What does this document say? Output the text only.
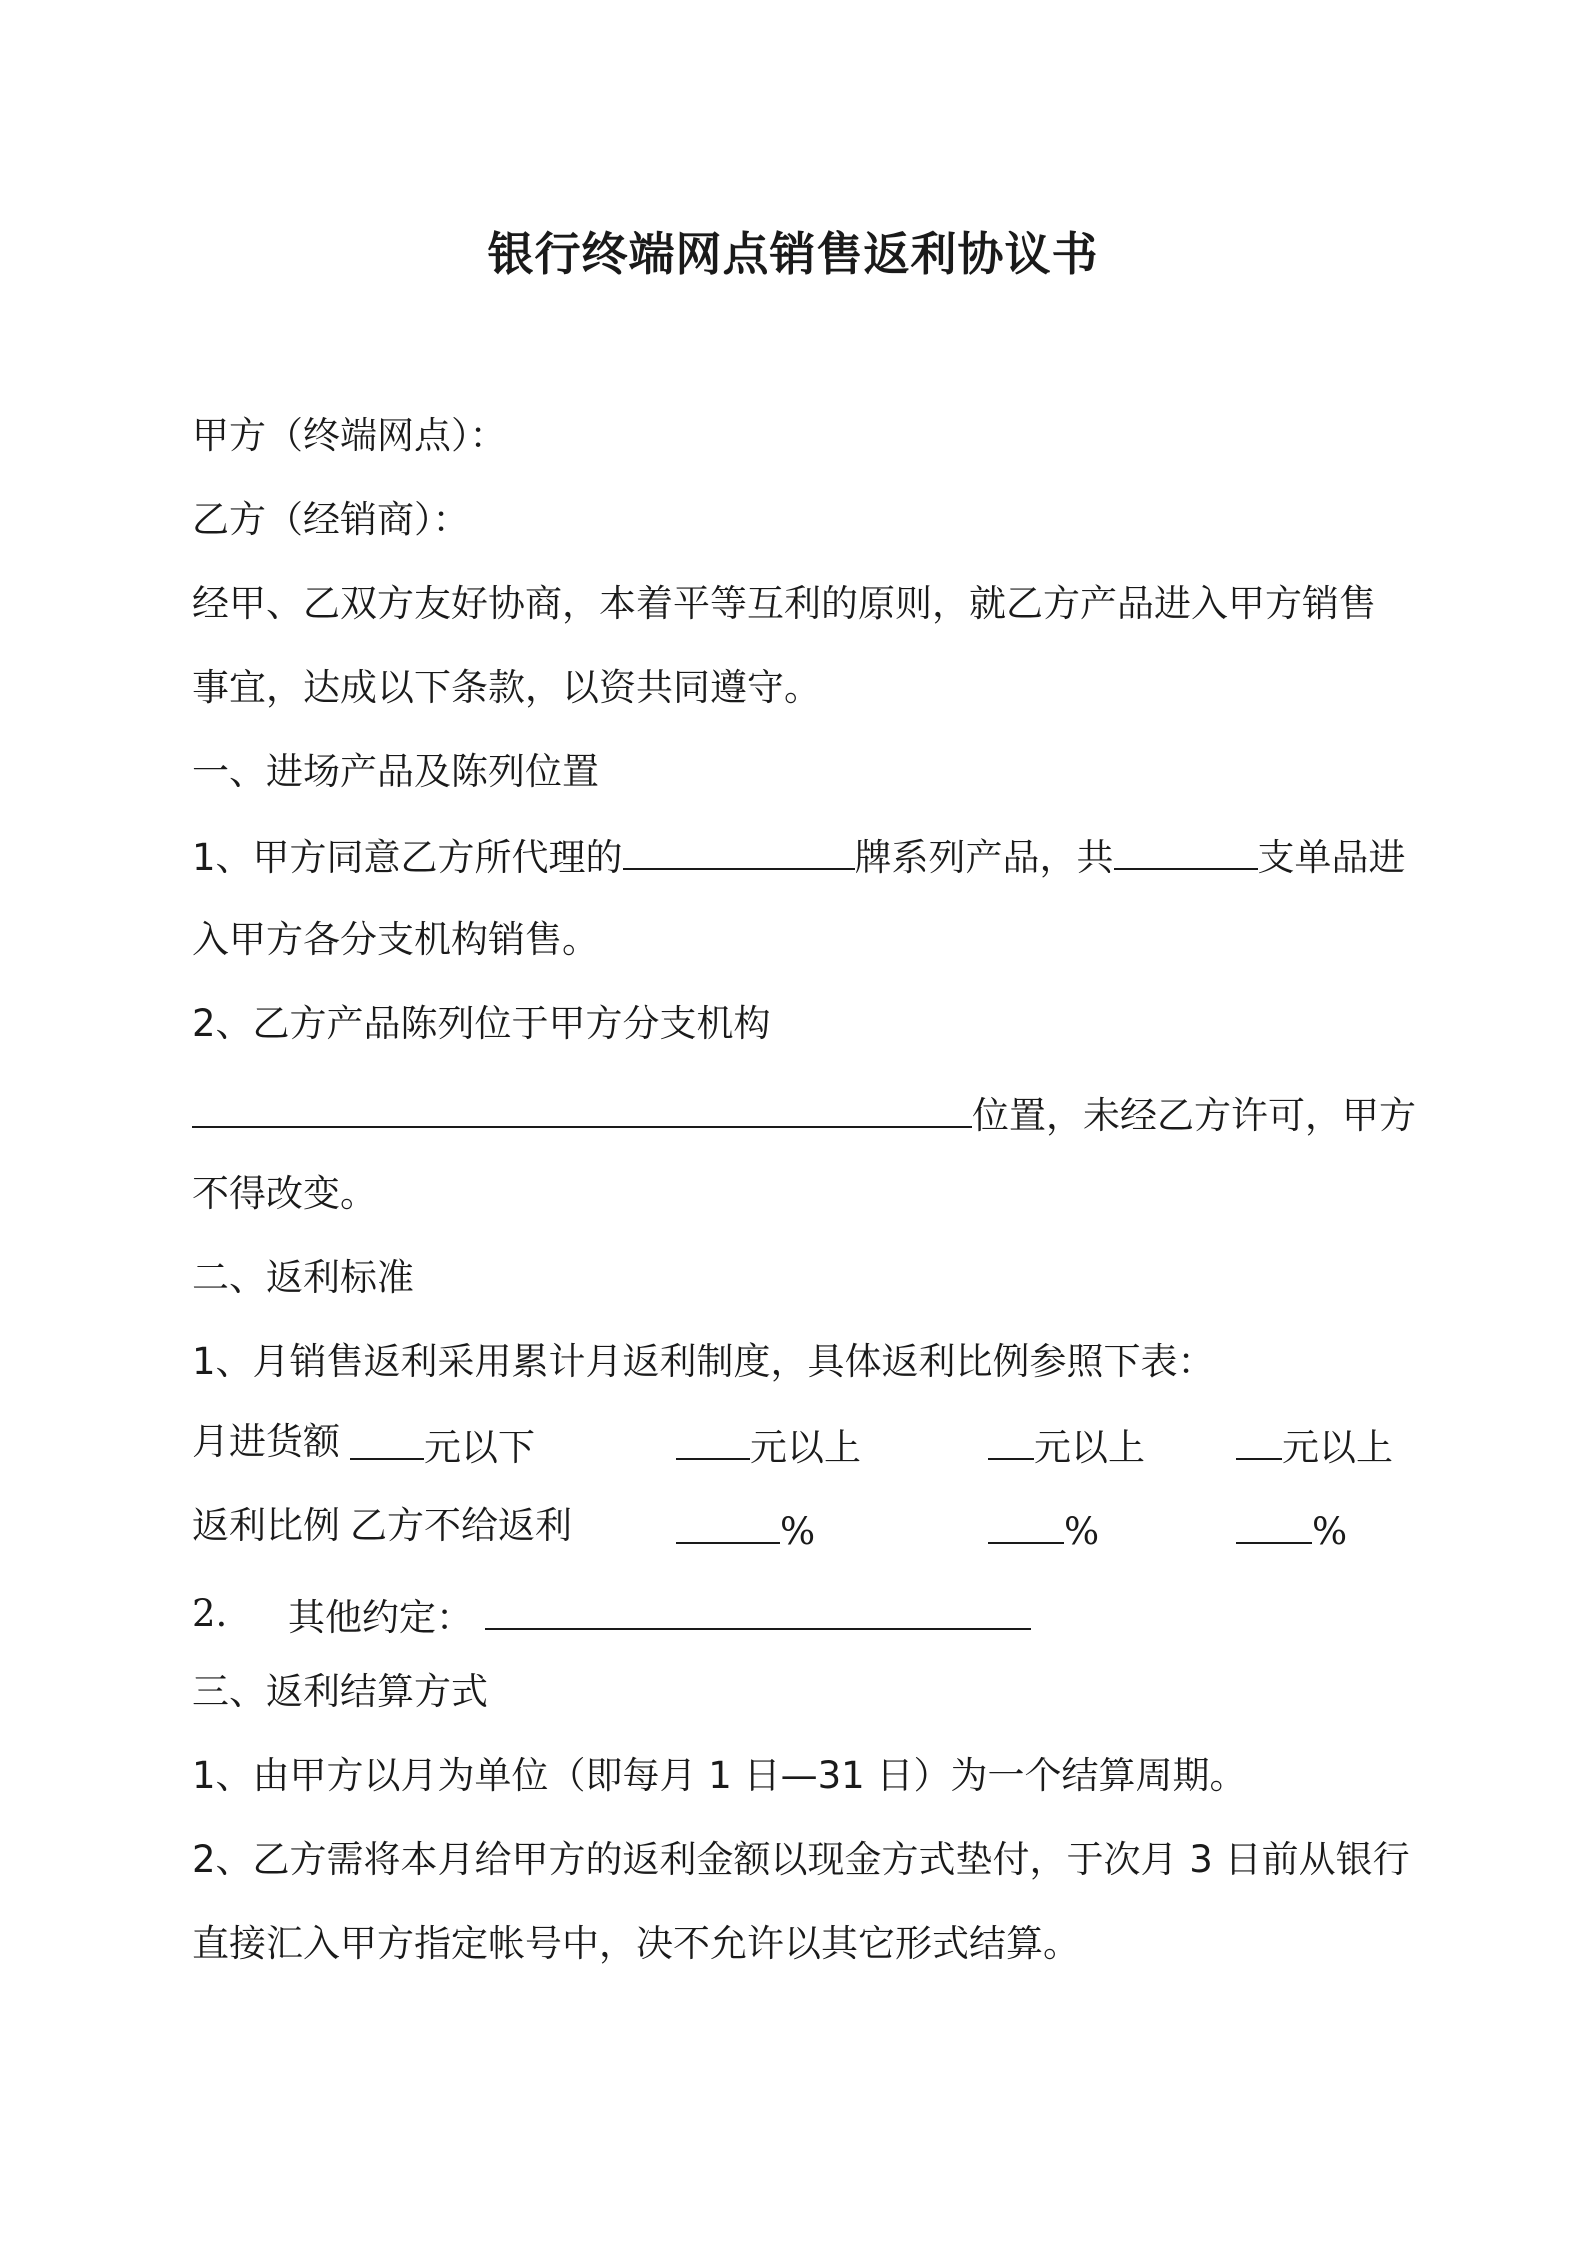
银行终端网点销售返利协议书

甲方（终端网点）：

乙方（经销商）：

经甲、乙双方友好协商，本着平等互利的原则，就乙方产品进入甲方销售

事宜，达成以下条款，以资共同遵守。

一、进场产品及陈列位置

1、甲方同意乙方所代理的	牌系列产品，共	支单品进

入甲方各分支机构销售。

2、乙方产品陈列位于甲方分支机构

位置，未经乙方许可，甲方

不得改变。

二、返利标准

1、月销售返利采用累计月返利制度，具体返利比例参照下表：

月进货额	元以下	元以上	元以上	元以上
返利比例 乙方不给返利	%	%	%
2. 其他约定：

三、返利结算方式

1、由甲方以月为单位（即每月 1 日—31 日）为一个结算周期。

2、乙方需将本月给甲方的返利金额以现金方式垫付，于次月 3 日前从银行

直接汇入甲方指定帐号中，决不允许以其它形式结算。
